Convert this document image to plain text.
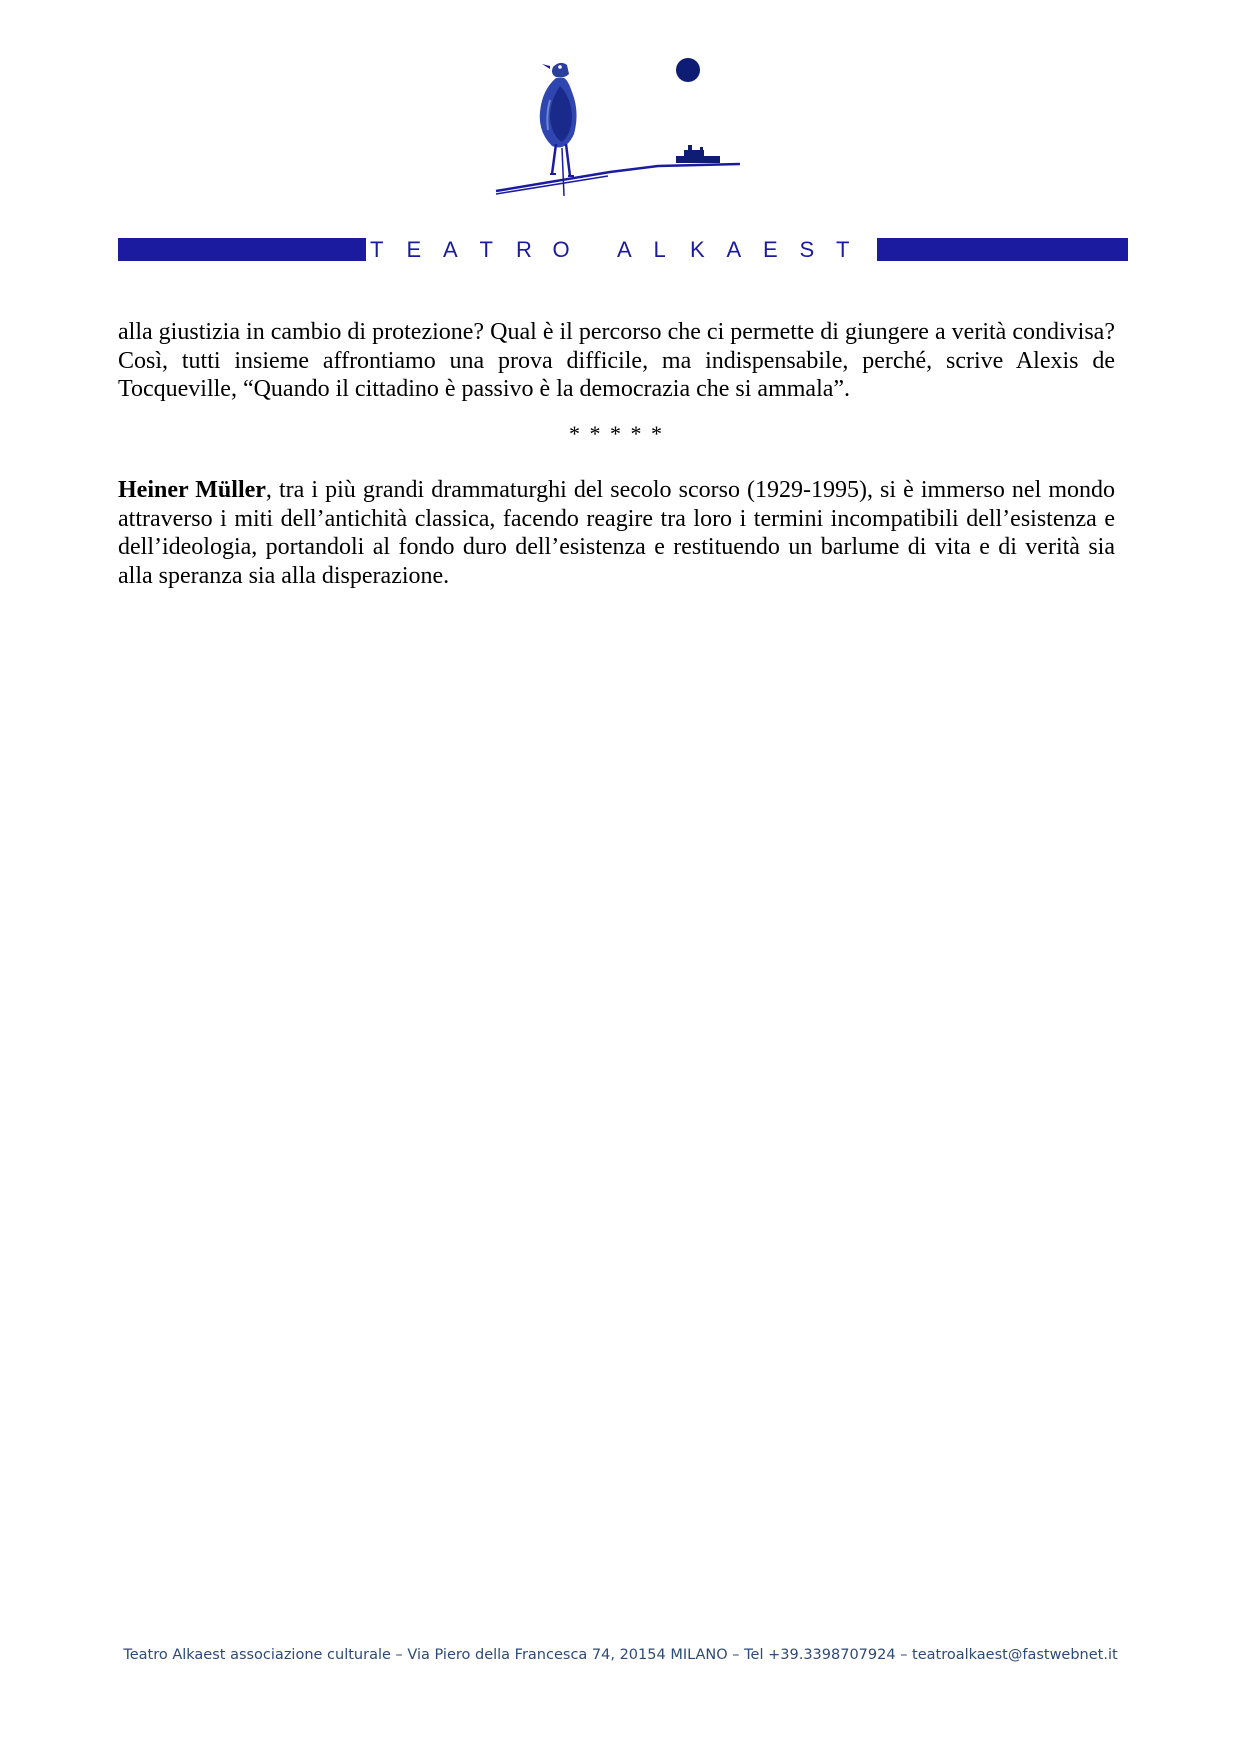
T E A T R O A L K A E S T

alla giustizia in cambio di protezione? Qual è il percorso che ci permette di giungere a verità condivisa? Così, tutti insieme affrontiamo una prova difficile, ma indispensabile, perché, scrive Alexis de Tocqueville, “Quando il cittadino è passivo è la democrazia che si ammala”.

* * * * *

Heiner Müller, tra i più grandi drammaturghi del secolo scorso (1929-1995), si è immerso nel mondo attraverso i miti dell’antichità classica, facendo reagire tra loro i termini incompatibili dell’esistenza e dell’ideologia, portandoli al fondo duro dell’esistenza e restituendo un barlume di vita e di verità sia alla speranza sia alla disperazione.

Teatro Alkaest associazione culturale – Via Piero della Francesca 74, 20154 MILANO – Tel +39.3398707924 – teatroalkaest@fastwebnet.it
